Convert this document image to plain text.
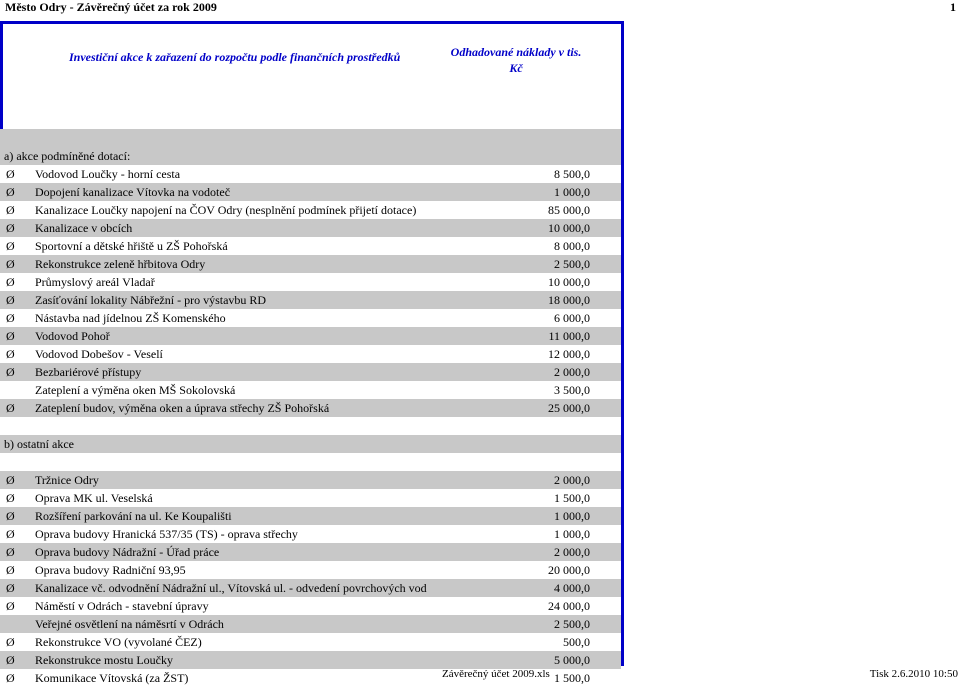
Město Odry - Závěrečný účet za rok 2009	1
Investiční akce k zařazení do rozpočtu podle finančních prostředků	Odhadované náklady v tis.
Kč
a) akce podmíněné dotací:
Ø Vodovod Loučky - horní cesta	8 500,0
Ø Dopojení kanalizace Vítovka na vodoteč	1 000,0
Ø Kanalizace Loučky napojení na ČOV Odry (nesplnění podmínek přijetí dotace)	85 000,0
Ø Kanalizace v obcích	10 000,0
Ø Sportovní a dětské hřiště u ZŠ Pohořská	8 000,0
Ø Rekonstrukce zeleně hřbitova Odry	2 500,0
Ø Průmyslový areál Vladař	10 000,0
Ø Zasíťování lokality Nábřežní - pro výstavbu RD	18 000,0
Ø Nástavba nad jídelnou ZŠ Komenského	6 000,0
Ø Vodovod Pohoř	11 000,0
Ø Vodovod Dobešov - Veselí	12 000,0
Ø Bezbariérové přístupy	2 000,0
Zateplení a výměna oken MŠ Sokolovská	3 500,0
Ø Zateplení budov, výměna oken a úprava střechy ZŠ Pohořská	25 000,0
b) ostatní akce
Ø Tržnice Odry	2 000,0
Ø Oprava MK ul. Veselská	1 500,0
Ø Rozšíření parkování na ul. Ke Koupališti	1 000,0
Ø Oprava budovy Hranická 537/35 (TS) - oprava střechy	1 000,0
Ø Oprava budovy Nádražní - Úřad práce	2 000,0
Ø Oprava budovy Radniční 93,95	20 000,0
Ø Kanalizace vč. odvodnění Nádražní ul., Vítovská ul. - odvedení povrchových vod	4 000,0
Ø Náměstí v Odrách - stavební úpravy	24 000,0
Veřejné osvětlení na náměsrtí v Odrách	2 500,0
Ø Rekonstrukce VO (vyvolané ČEZ)	500,0
Ø Rekonstrukce mostu Loučky	5 000,0
Ø Komunikace Vítovská (za ŽST)	1 500,0
Závěrečný účet 2009.xls	Tisk 2.6.2010 10:50
